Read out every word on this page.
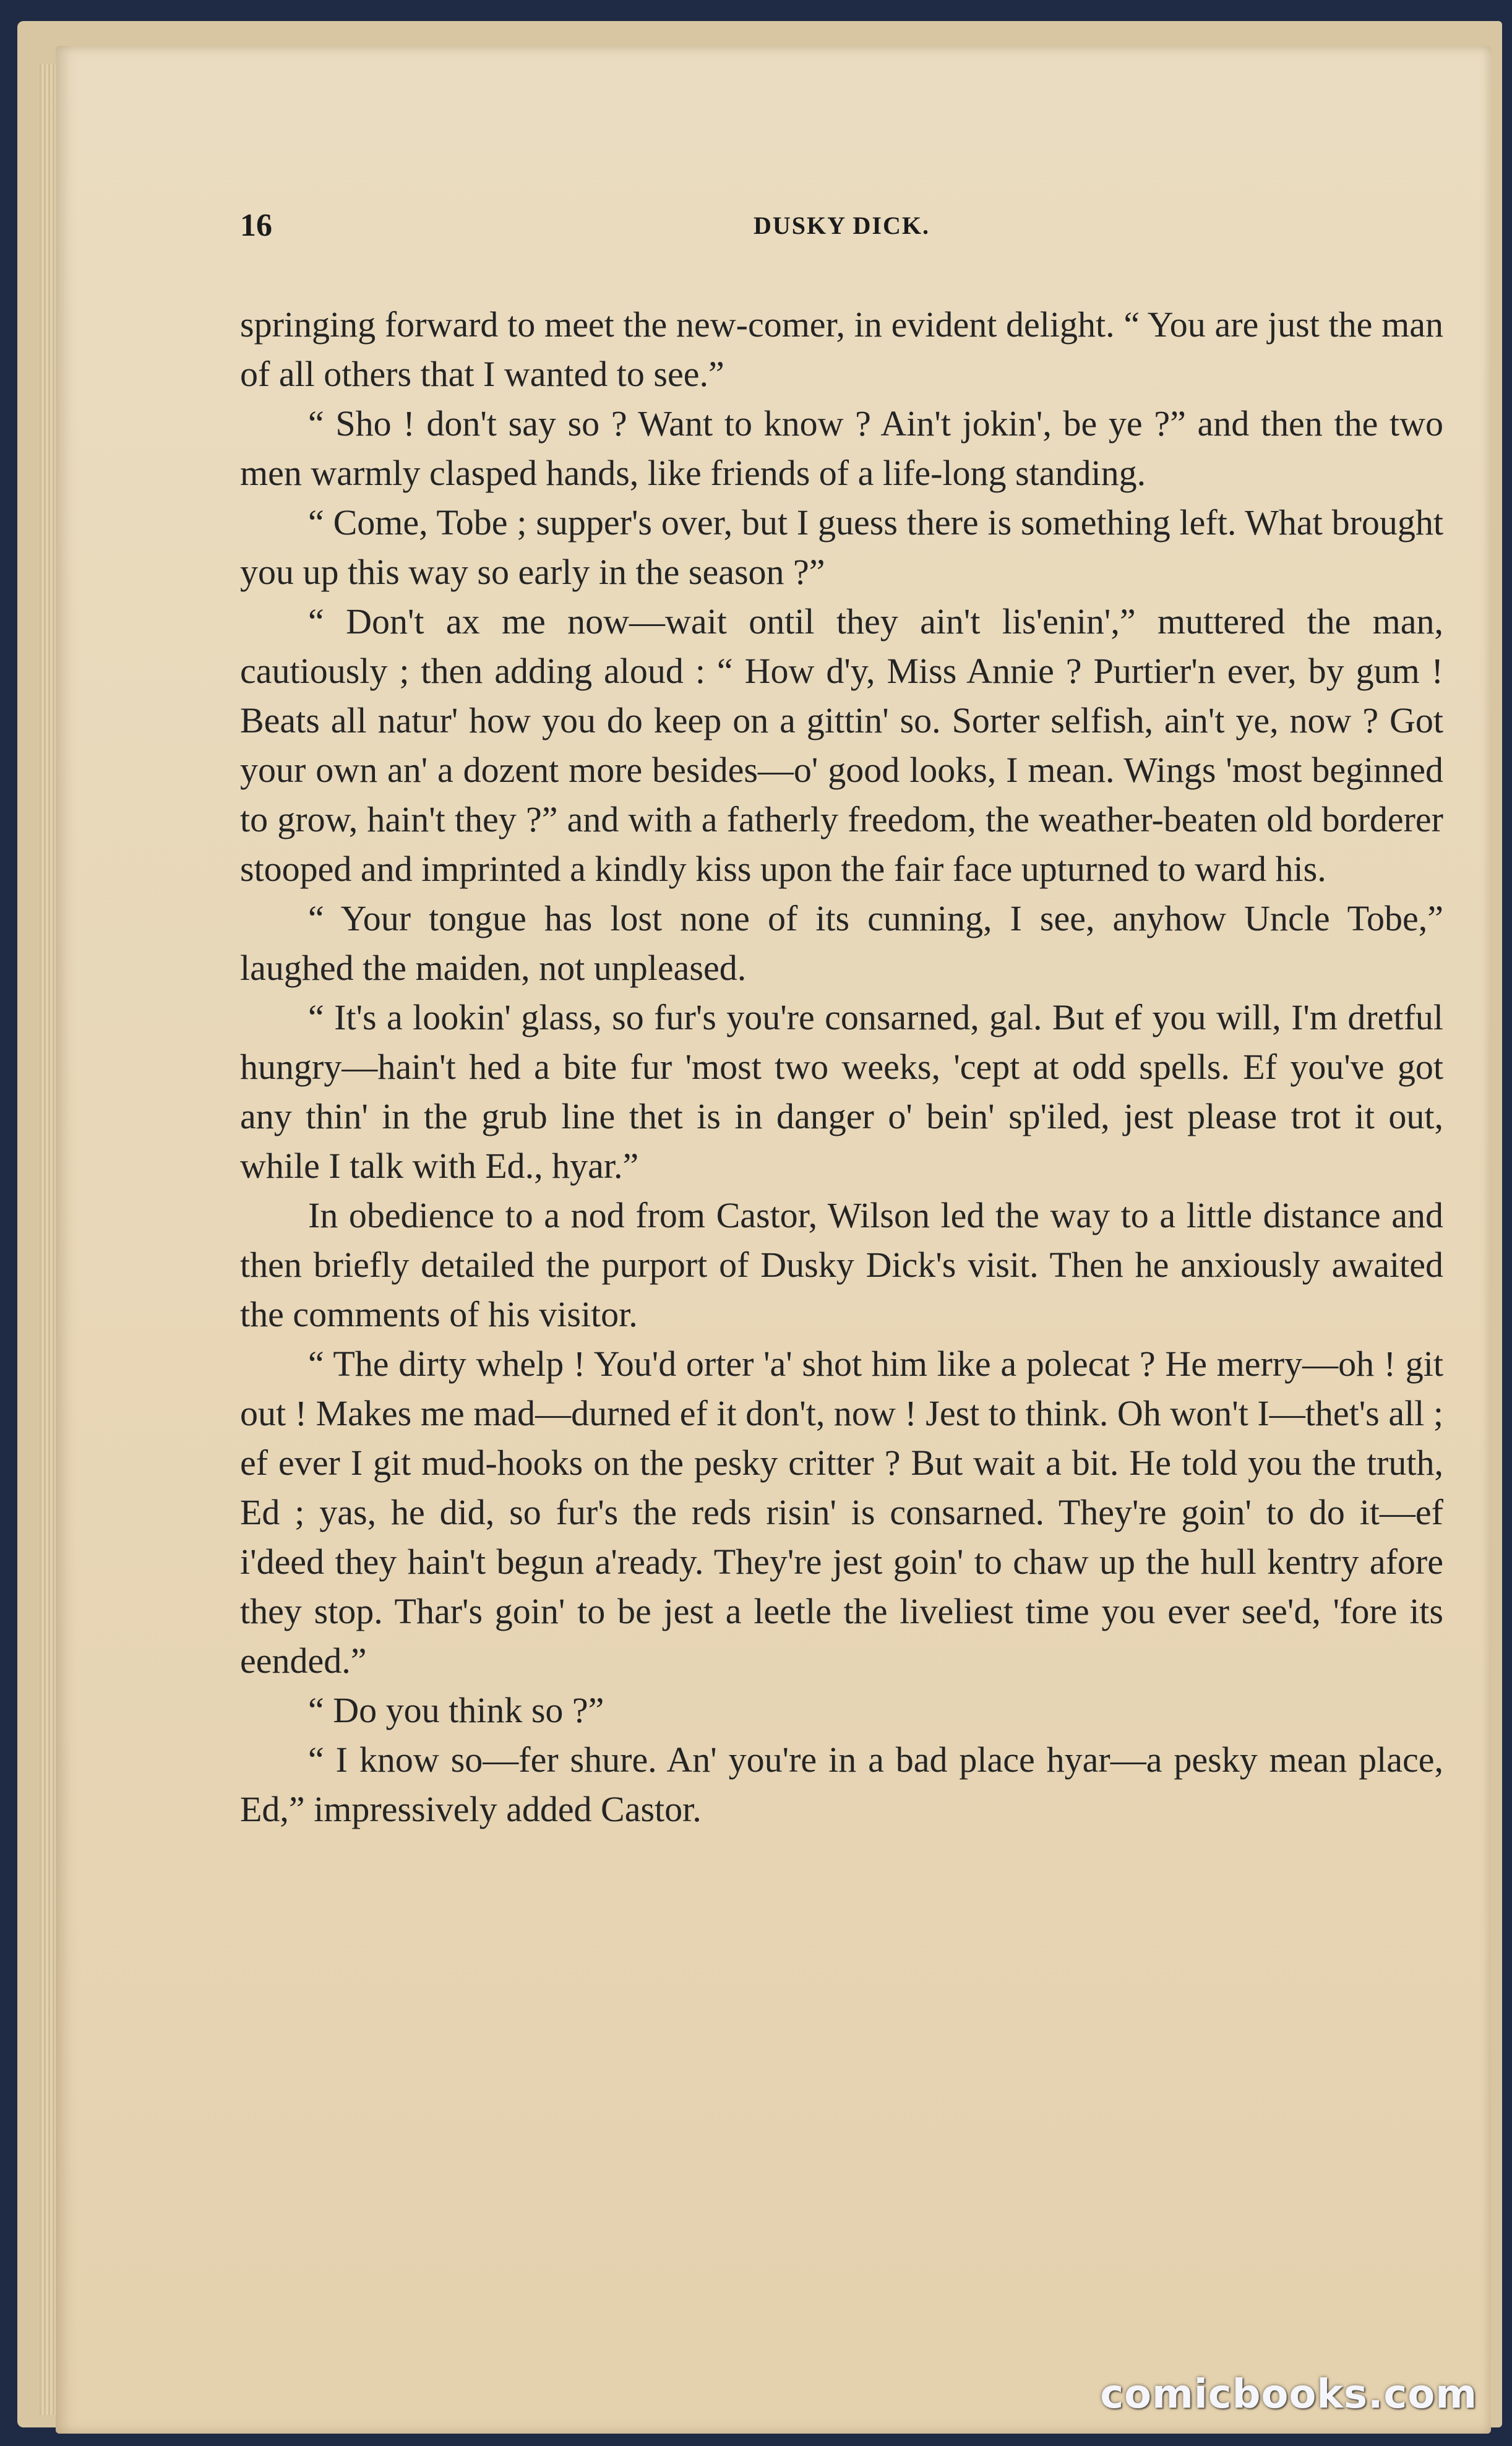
16	DUSKY DICK.

springing forward to meet the new-comer, in evident delight. “ You are just the man of all others that I wanted to see.”

“ Sho ! don't say so ? Want to know ? Ain't jokin', be ye ?” and then the two men warmly clasped hands, like friends of a life-long standing.

“ Come, Tobe ; supper's over, but I guess there is something left. What brought you up this way so early in the season ?”

“ Don't ax me now—wait ontil they ain't lis'enin',” muttered the man, cautiously ; then adding aloud : “ How d'y, Miss Annie ? Purtier'n ever, by gum ! Beats all natur' how you do keep on a gittin' so. Sorter selfish, ain't ye, now ? Got your own an' a dozent more besides—o' good looks, I mean. Wings 'most beginned to grow, hain't they ?” and with a fatherly freedom, the weather-beaten old borderer stooped and imprinted a kindly kiss upon the fair face upturned to ward his.

“ Your tongue has lost none of its cunning, I see, anyhow Uncle Tobe,” laughed the maiden, not unpleased.

“ It's a lookin' glass, so fur's you're consarned, gal. But ef you will, I'm dretful hungry—hain't hed a bite fur 'most two weeks, 'cept at odd spells. Ef you've got any thin' in the grub line thet is in danger o' bein' sp'iled, jest please trot it out, while I talk with Ed., hyar.”

In obedience to a nod from Castor, Wilson led the way to a little distance and then briefly detailed the purport of Dusky Dick's visit. Then he anxiously awaited the comments of his visitor.

“ The dirty whelp ! You'd orter 'a' shot him like a polecat ? He merry—oh ! git out ! Makes me mad—durned ef it don't, now ! Jest to think. Oh won't I—thet's all ; ef ever I git mud-hooks on the pesky critter ? But wait a bit. He told you the truth, Ed ; yas, he did, so fur's the reds risin' is consarned. They're goin' to do it—ef i'deed they hain't begun a'ready. They're jest goin' to chaw up the hull kentry afore they stop. Thar's goin' to be jest a leetle the liveliest time you ever see'd, 'fore its eended.”

“ Do you think so ?”

“ I know so—fer shure. An' you're in a bad place hyar—a pesky mean place, Ed,” impressively added Castor.

comicbooks.com
